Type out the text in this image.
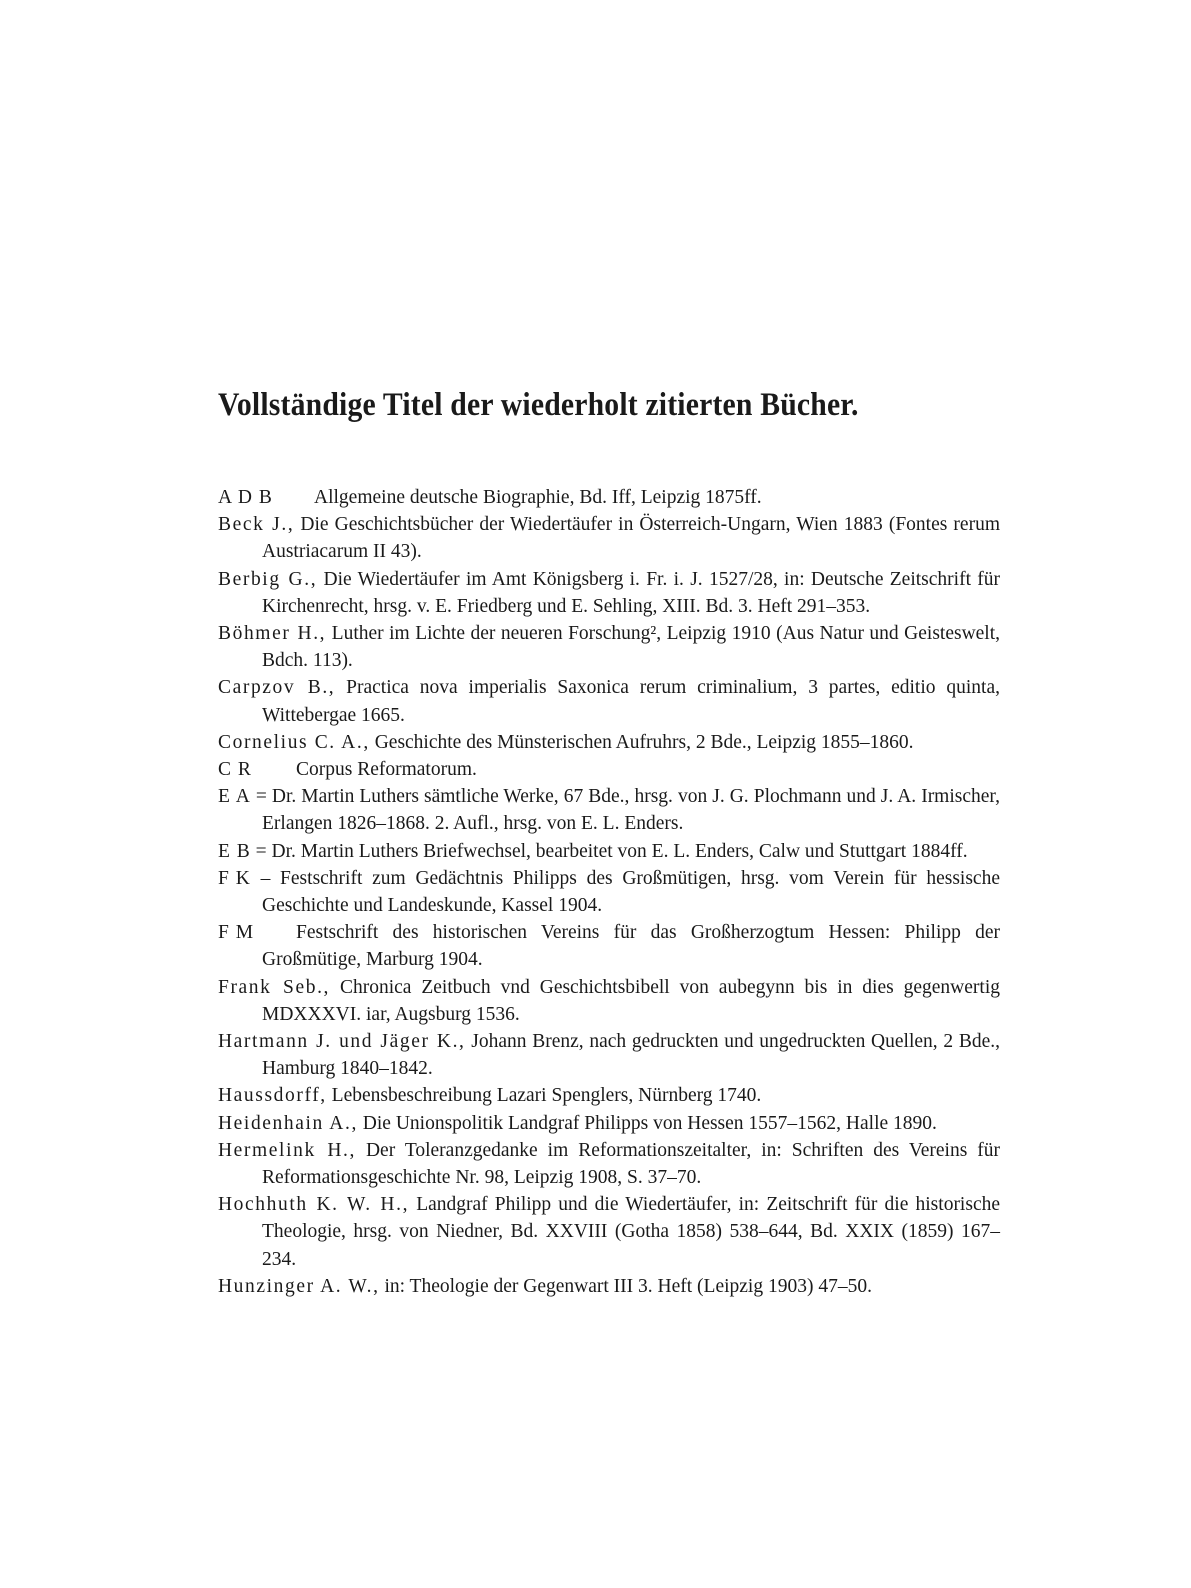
Vollständige Titel der wiederholt zitierten Bücher.
A D B Allgemeine deutsche Biographie, Bd. Iff, Leipzig 1875ff.
Beck J., Die Geschichtsbücher der Wiedertäufer in Österreich-Ungarn, Wien 1883 (Fontes rerum Austriacarum II 43).
Berbig G., Die Wiedertäufer im Amt Königsberg i. Fr. i. J. 1527/28, in: Deutsche Zeitschrift für Kirchenrecht, hrsg. v. E. Friedberg und E. Sehling, XIII. Bd. 3. Heft 291–353.
Böhmer H., Luther im Lichte der neueren Forschung², Leipzig 1910 (Aus Natur und Geisteswelt, Bdch. 113).
Carpzov B., Practica nova imperialis Saxonica rerum criminalium, 3 partes, editio quinta, Wittebergae 1665.
Cornelius C. A., Geschichte des Münsterischen Aufruhrs, 2 Bde., Leipzig 1855–1860.
C R Corpus Reformatorum.
E A = Dr. Martin Luthers sämtliche Werke, 67 Bde., hrsg. von J. G. Plochmann und J. A. Irmischer, Erlangen 1826–1868. 2. Aufl., hrsg. von E. L. Enders.
E B = Dr. Martin Luthers Briefwechsel, bearbeitet von E. L. Enders, Calw und Stuttgart 1884ff.
F K – Festschrift zum Gedächtnis Philipps des Großmütigen, hrsg. vom Verein für hessische Geschichte und Landeskunde, Kassel 1904.
F M Festschrift des historischen Vereins für das Großherzogtum Hessen: Philipp der Großmütige, Marburg 1904.
Frank Seb., Chronica Zeitbuch vnd Geschichtsbibell von aubegynn bis in dies gegenwertig MDXXXVI. iar, Augsburg 1536.
Hartmann J. und Jäger K., Johann Brenz, nach gedruckten und ungedruckten Quellen, 2 Bde., Hamburg 1840–1842.
Haussdorff, Lebensbeschreibung Lazari Spenglers, Nürnberg 1740.
Heidenhain A., Die Unionspolitik Landgraf Philipps von Hessen 1557–1562, Halle 1890.
Hermelink H., Der Toleranzgedanke im Reformationszeitalter, in: Schriften des Vereins für Reformationsgeschichte Nr. 98, Leipzig 1908, S. 37–70.
Hochhuth K. W. H., Landgraf Philipp und die Wiedertäufer, in: Zeitschrift für die historische Theologie, hrsg. von Niedner, Bd. XXVIII (Gotha 1858) 538–644, Bd. XXIX (1859) 167–234.
Hunzinger A. W., in: Theologie der Gegenwart III 3. Heft (Leipzig 1903) 47–50.
